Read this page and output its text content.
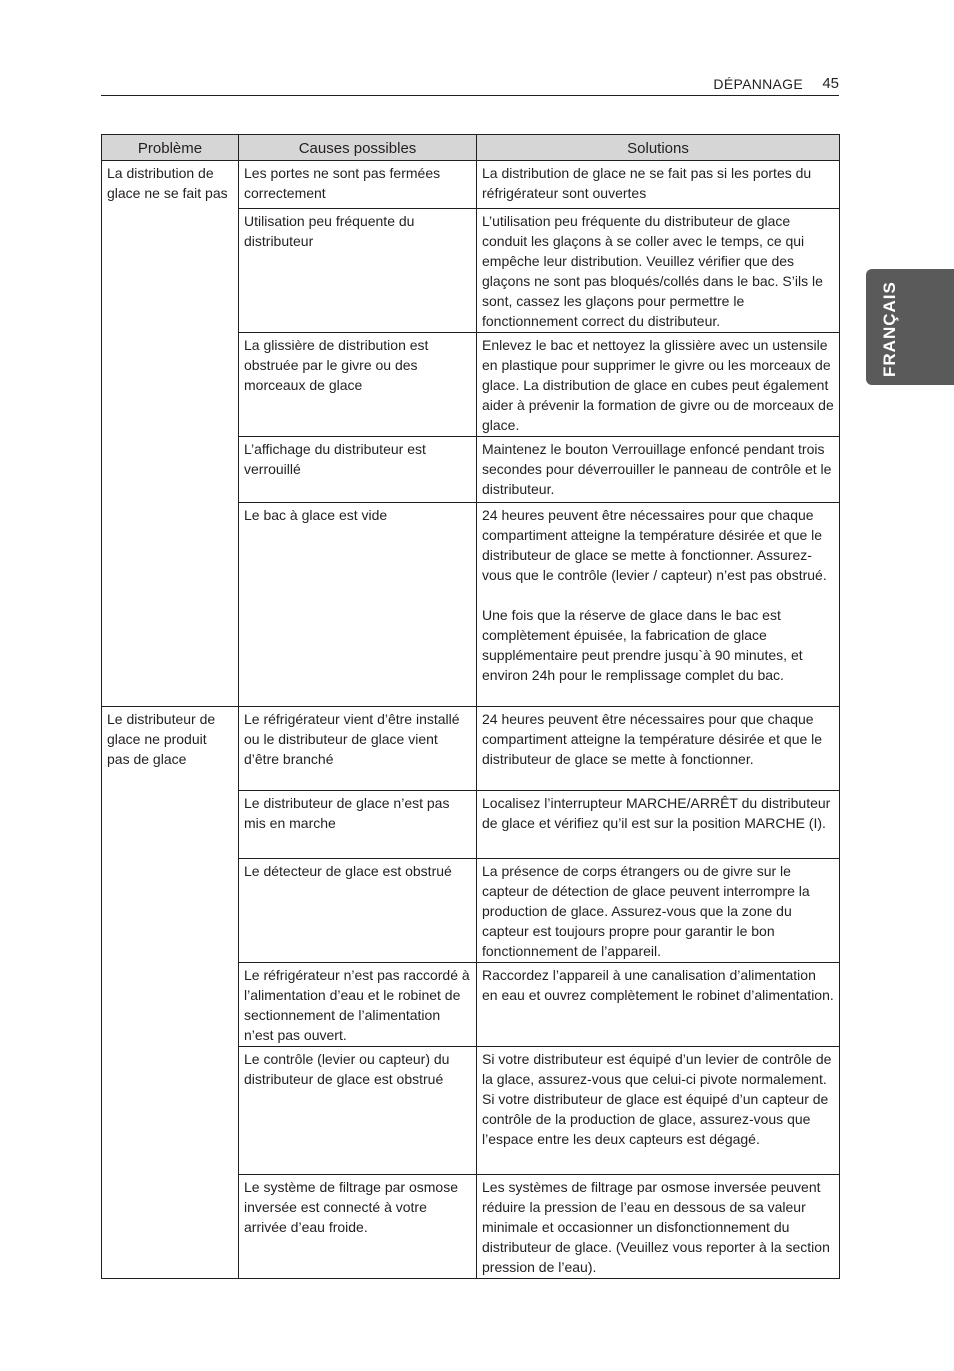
DÉPANNAGE 45
FRANÇAIS
Problème	Causes possibles	Solutions
La distribution de glace ne se fait pas	Les portes ne sont pas fermées correctement	La distribution de glace ne se fait pas si les portes du réfrigérateur sont ouvertes
	Utilisation peu fréquente du distributeur	L’utilisation peu fréquente du distributeur de glace conduit les glaçons à se coller avec le temps, ce qui empêche leur distribution. Veuillez vérifier que des glaçons ne sont pas bloqués/collés dans le bac. S’ils le sont, cassez les glaçons pour permettre le fonctionnement correct du distributeur.
	La glissière de distribution est obstruée par le givre ou des morceaux de glace	Enlevez le bac et nettoyez la glissière avec un ustensile en plastique pour supprimer le givre ou les morceaux de glace. La distribution de glace en cubes peut également aider à prévenir la formation de givre ou de morceaux de glace.
	L’affichage du distributeur est verrouillé	Maintenez le bouton Verrouillage enfoncé pendant trois secondes pour déverrouiller le panneau de contrôle et le distributeur.
	Le bac à glace est vide	24 heures peuvent être nécessaires pour que chaque compartiment atteigne la température désirée et que le distributeur de glace se mette à fonctionner. Assurez-vous que le contrôle (levier / capteur) n’est pas obstrué.
Une fois que la réserve de glace dans le bac est complètement épuisée, la fabrication de glace supplémentaire peut prendre jusqu`à 90 minutes, et environ 24h pour le remplissage complet du bac.

Le distributeur de glace ne produit pas de glace	Le réfrigérateur vient d’être installé ou le distributeur de glace vient d’être branché	24 heures peuvent être nécessaires pour que chaque compartiment atteigne la température désirée et que le distributeur de glace se mette à fonctionner.
	Le distributeur de glace n’est pas mis en marche	Localisez l’interrupteur MARCHE/ARRÊT du distributeur de glace et vérifiez qu’il est sur la position MARCHE (I).
	Le détecteur de glace est obstrué	La présence de corps étrangers ou de givre sur le capteur de détection de glace peuvent interrompre la production de glace. Assurez-vous que la zone du capteur est toujours propre pour garantir le bon fonctionnement de l’appareil.
	Le réfrigérateur n’est pas raccordé à l’alimentation d’eau et le robinet de sectionnement de l’alimentation n’est pas ouvert.	Raccordez l’appareil à une canalisation d’alimentation en eau et ouvrez complètement le robinet d’alimentation.
	Le contrôle (levier ou capteur) du distributeur de glace est obstrué	Si votre distributeur est équipé d’un levier de contrôle de la glace, assurez-vous que celui-ci pivote normalement. Si votre distributeur de glace est équipé d’un capteur de contrôle de la production de glace, assurez-vous que l’espace entre les deux capteurs est dégagé.
	Le système de filtrage par osmose inversée est connecté à votre arrivée d’eau froide.	Les systèmes de filtrage par osmose inversée peuvent réduire la pression de l’eau en dessous de sa valeur minimale et occasionner un disfonctionnement du distributeur de glace. (Veuillez vous reporter à la section pression de l’eau).
